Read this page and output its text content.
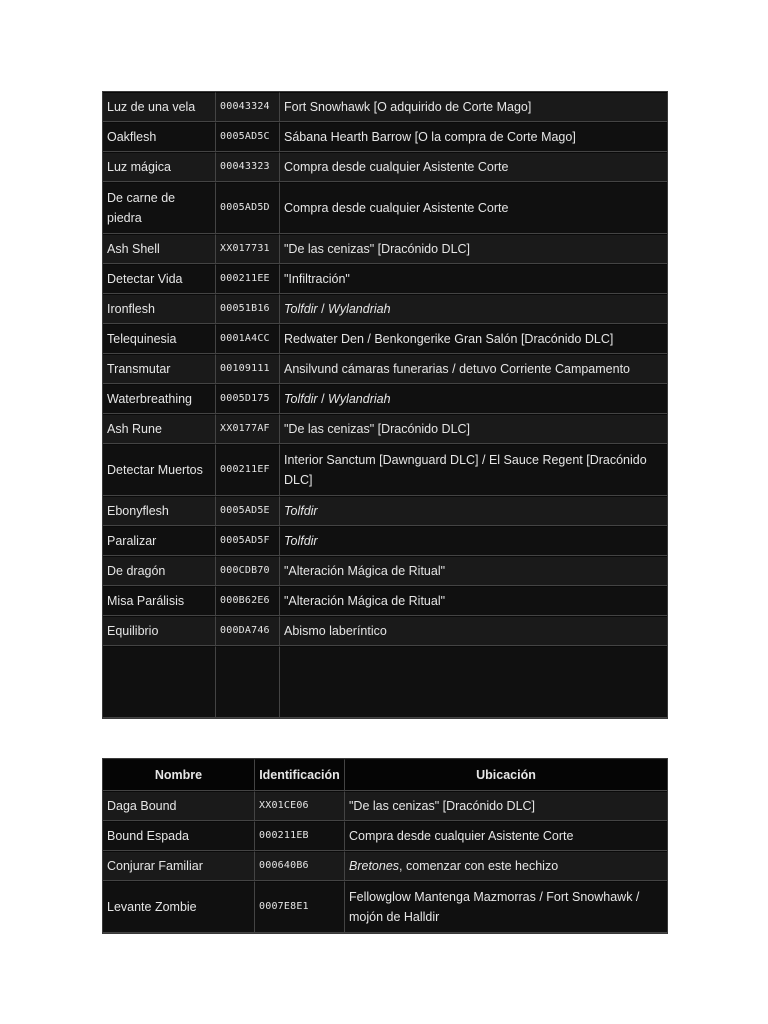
Luz de una vela	00043324	Fort Snowhawk [O adquirido de Corte Mago]
Oakflesh	0005AD5C	Sábana Hearth Barrow [O la compra de Corte Mago]
Luz mágica	00043323	Compra desde cualquier Asistente Corte
De carne de piedra	0005AD5D	Compra desde cualquier Asistente Corte
Ash Shell	XX017731	"De las cenizas" [Dracónido DLC]
Detectar Vida	000211EE	"Infiltración"
Ironflesh	00051B16	Tolfdir / Wylandriah
Telequinesia	0001A4CC	Redwater Den / Benkongerike Gran Salón [Dracónido DLC]
Transmutar	00109111	Ansilvund cámaras funerarias / detuvo Corriente Campamento
Waterbreathing	0005D175	Tolfdir / Wylandriah
Ash Rune	XX0177AF	"De las cenizas" [Dracónido DLC]
Detectar Muertos	000211EF	Interior Sanctum [Dawnguard DLC] / El Sauce Regent [Dracónido DLC]
Ebonyflesh	0005AD5E	Tolfdir
Paralizar	0005AD5F	Tolfdir
De dragón	000CDB70	"Alteración Mágica de Ritual"
Misa Parálisis	000B62E6	"Alteración Mágica de Ritual"
Equilibrio	000DA746	Abismo laberíntico

Nombre	Identificación	Ubicación
Daga Bound	XX01CE06	"De las cenizas" [Dracónido DLC]
Bound Espada	000211EB	Compra desde cualquier Asistente Corte
Conjurar Familiar	000640B6	Bretones, comenzar con este hechizo
Levante Zombie	0007E8E1	Fellowglow Mantenga Mazmorras / Fort Snowhawk / mojón de Halldir
